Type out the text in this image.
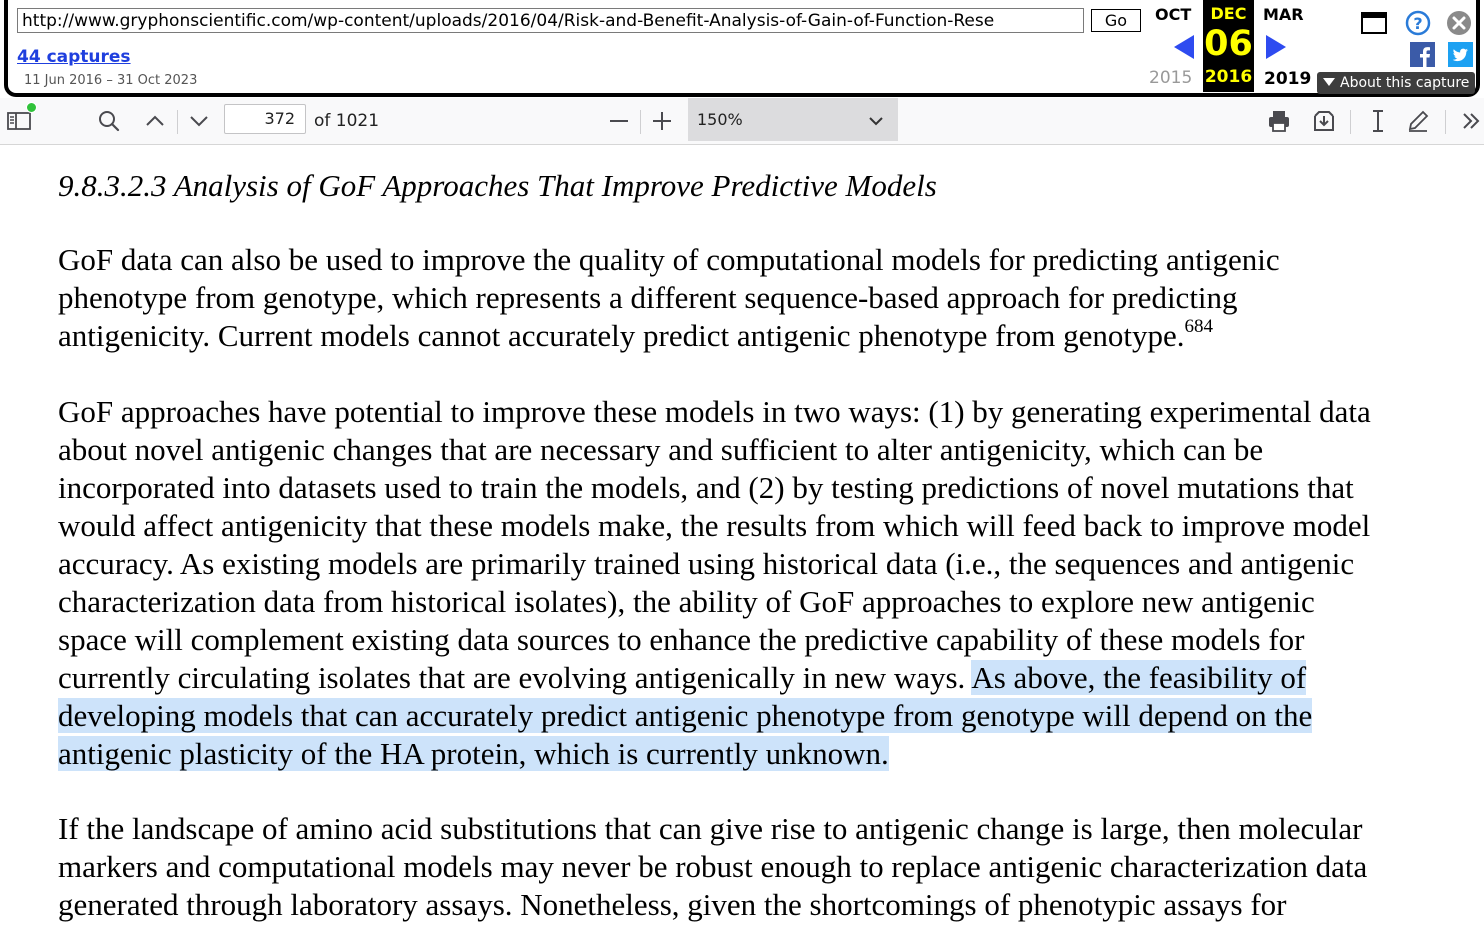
http://www.gryphonscientific.com/wp-content/uploads/2016/04/Risk-and-Benefit-Analysis-of-Gain-of-Function-Rese	Go
44 captures
11 Jun 2016 – 31 Oct 2023
OCT	MAR
DEC
06
2016
2015	2019	About this capture
?
372	of 1021	150%
9.8.3.2.3 Analysis of GoF Approaches That Improve Predictive Models
GoF data can also be used to improve the quality of computational models for predicting antigenic
phenotype from genotype, which represents a different sequence-based approach for predicting
antigenicity. Current models cannot accurately predict antigenic phenotype from genotype.$^{684}$
GoF approaches have potential to improve these models in two ways: (1) by generating experimental data
about novel antigenic changes that are necessary and sufficient to alter antigenicity, which can be
incorporated into datasets used to train the models, and (2) by testing predictions of novel mutations that
would affect antigenicity that these models make, the results from which will feed back to improve model
accuracy. As existing models are primarily trained using historical data (i.e., the sequences and antigenic
characterization data from historical isolates), the ability of GoF approaches to explore new antigenic
space will complement existing data sources to enhance the predictive capability of these models for
currently circulating isolates that are evolving antigenically in new ways. As above, the feasibility of
developing models that can accurately predict antigenic phenotype from genotype will depend on the
antigenic plasticity of the HA protein, which is currently unknown.
If the landscape of amino acid substitutions that can give rise to antigenic change is large, then molecular
markers and computational models may never be robust enough to replace antigenic characterization data
generated through laboratory assays. Nonetheless, given the shortcomings of phenotypic assays for
